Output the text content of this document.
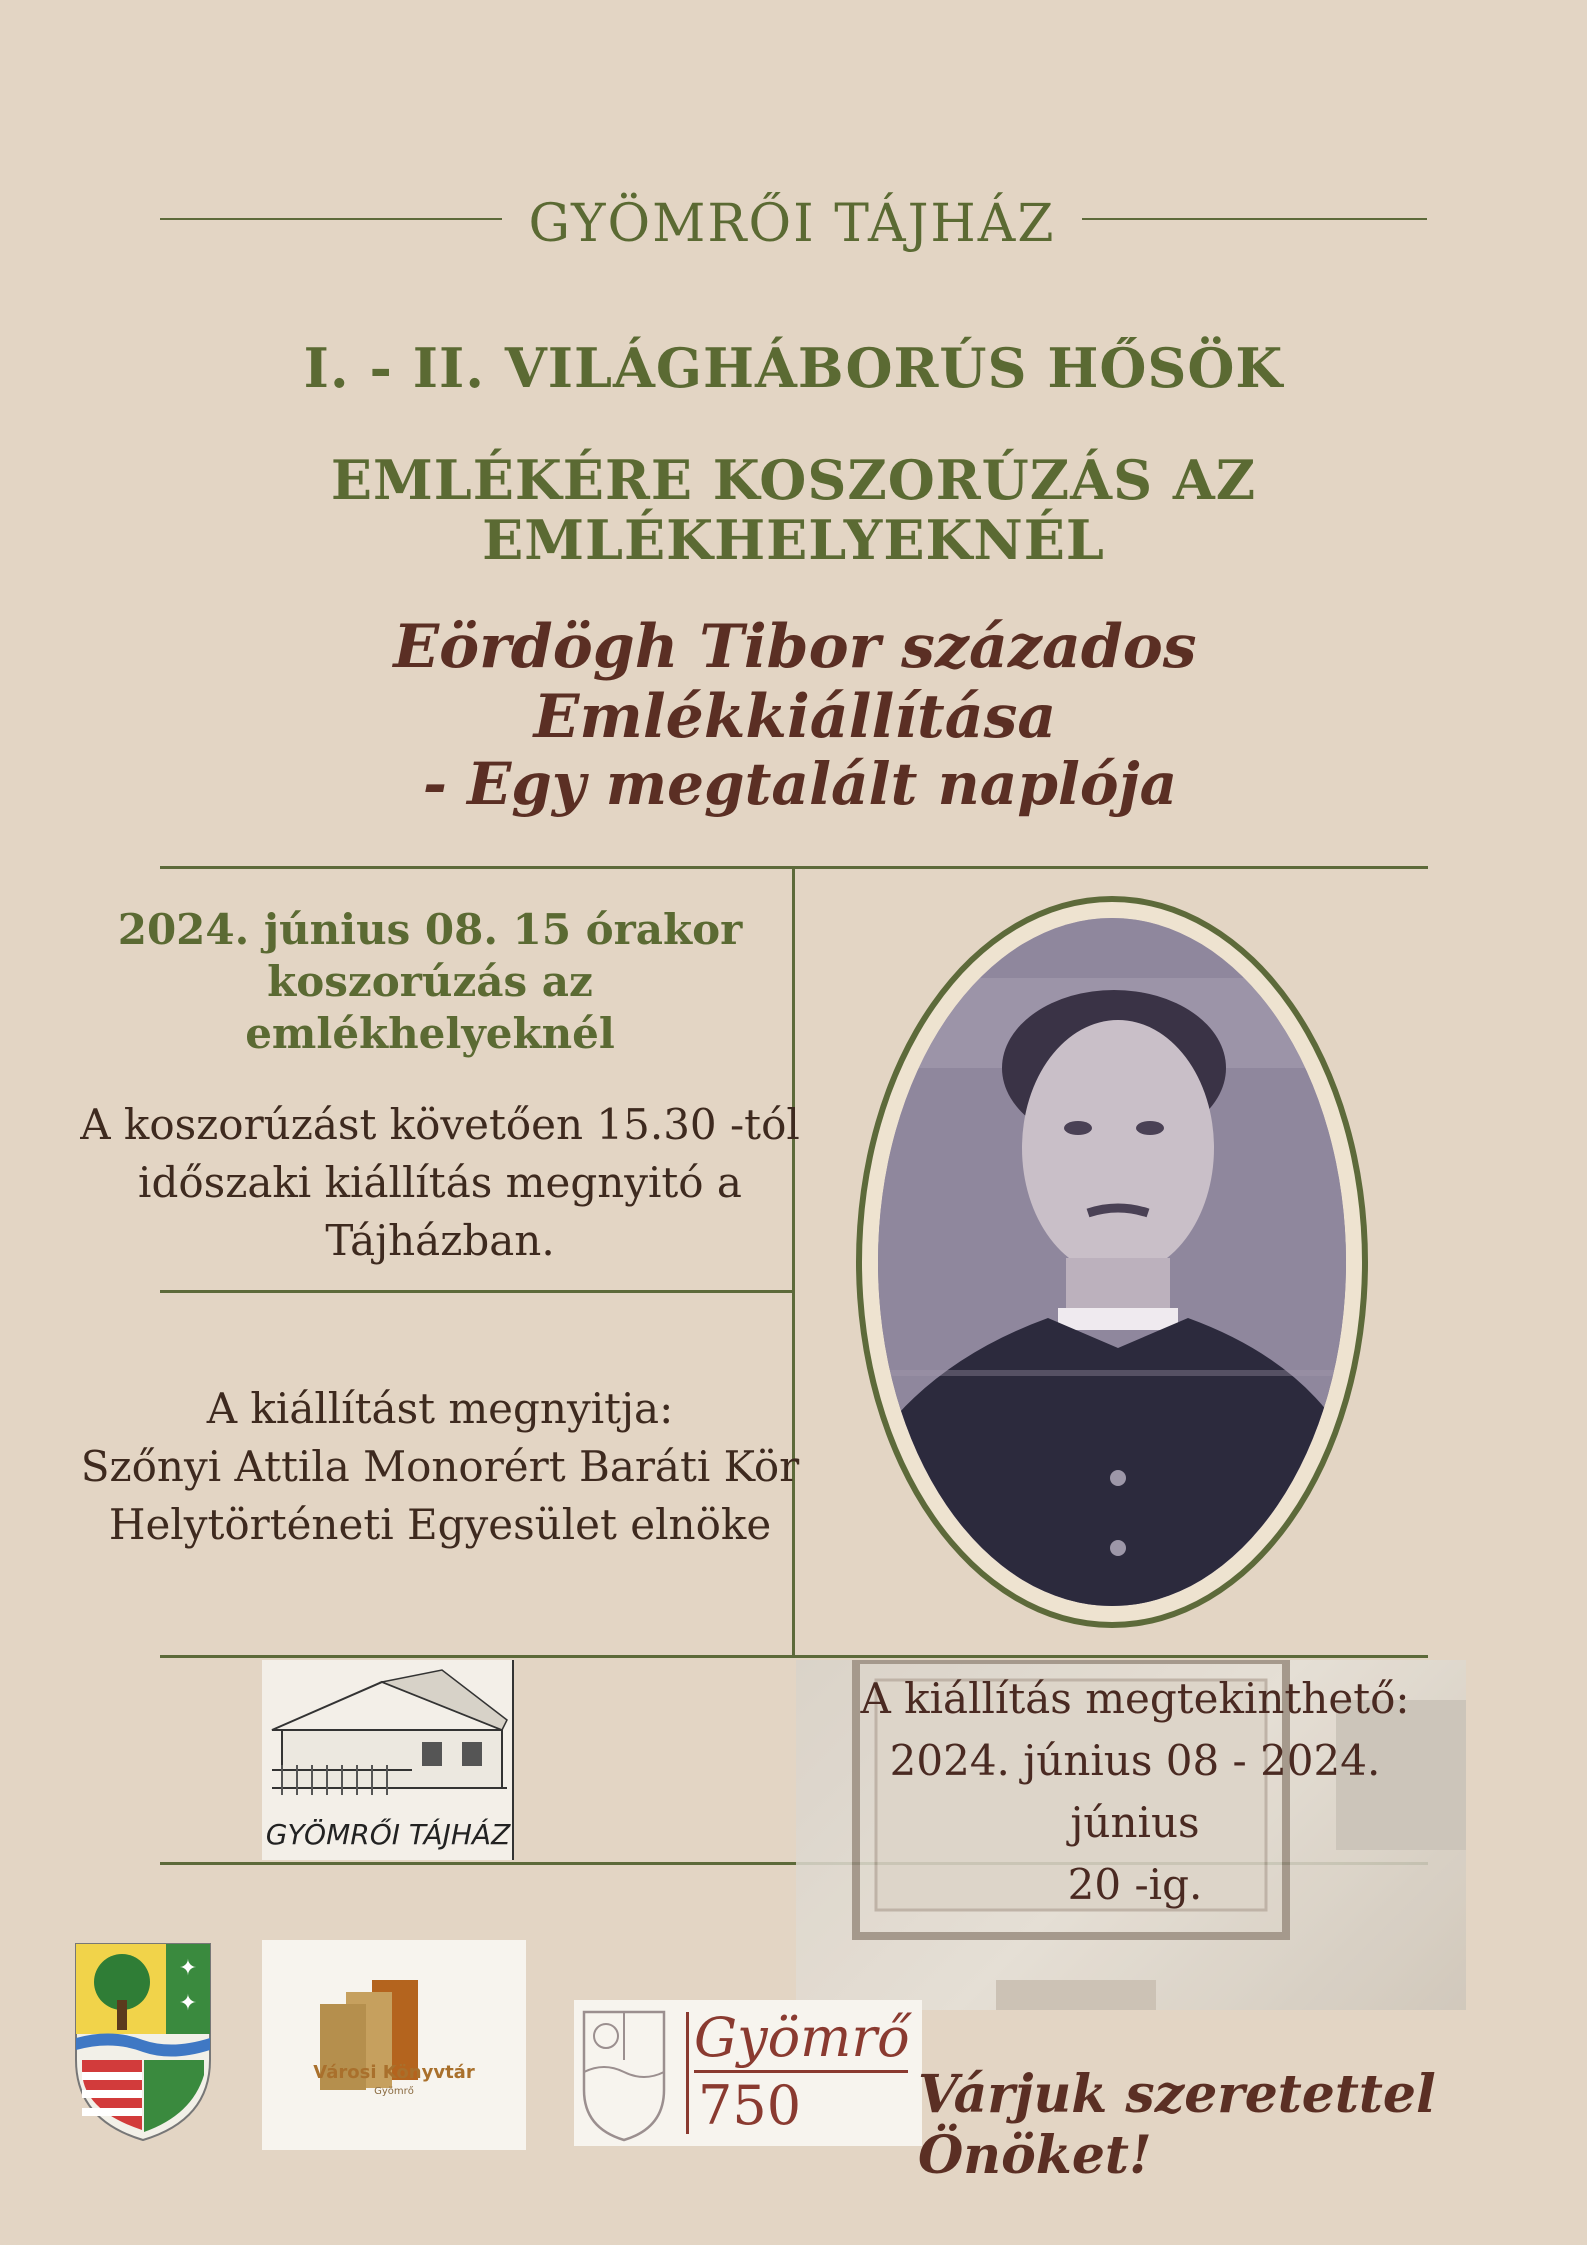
GYÖMRŐI TÁJHÁZ
I. - II. VILÁGHÁBORÚS HŐSÖK
EMLÉKÉRE KOSZORÚZÁS AZ
EMLÉKHELYEKNÉL
Eördögh Tibor százados Emlékkiállítása
- Egy megtalált naplója
2024. június 08. 15 órakor
koszorúzás az emlékhelyeknél
A koszorúzást követően 15.30 -tól
időszaki kiállítás megnyitó a
Tájházban.
A kiállítást megnyitja:
Szőnyi Attila Monorért Baráti Kör
Helytörténeti Egyesület elnöke
GYÖMRŐI TÁJHÁZ
A kiállítás megtekinthető:
2024. június 08 - 2024. június
20 -ig.
✦
✦
Városi Könyvtár
Gyömrő
Gyömrő
750 Várjuk szeretettel Önöket!
